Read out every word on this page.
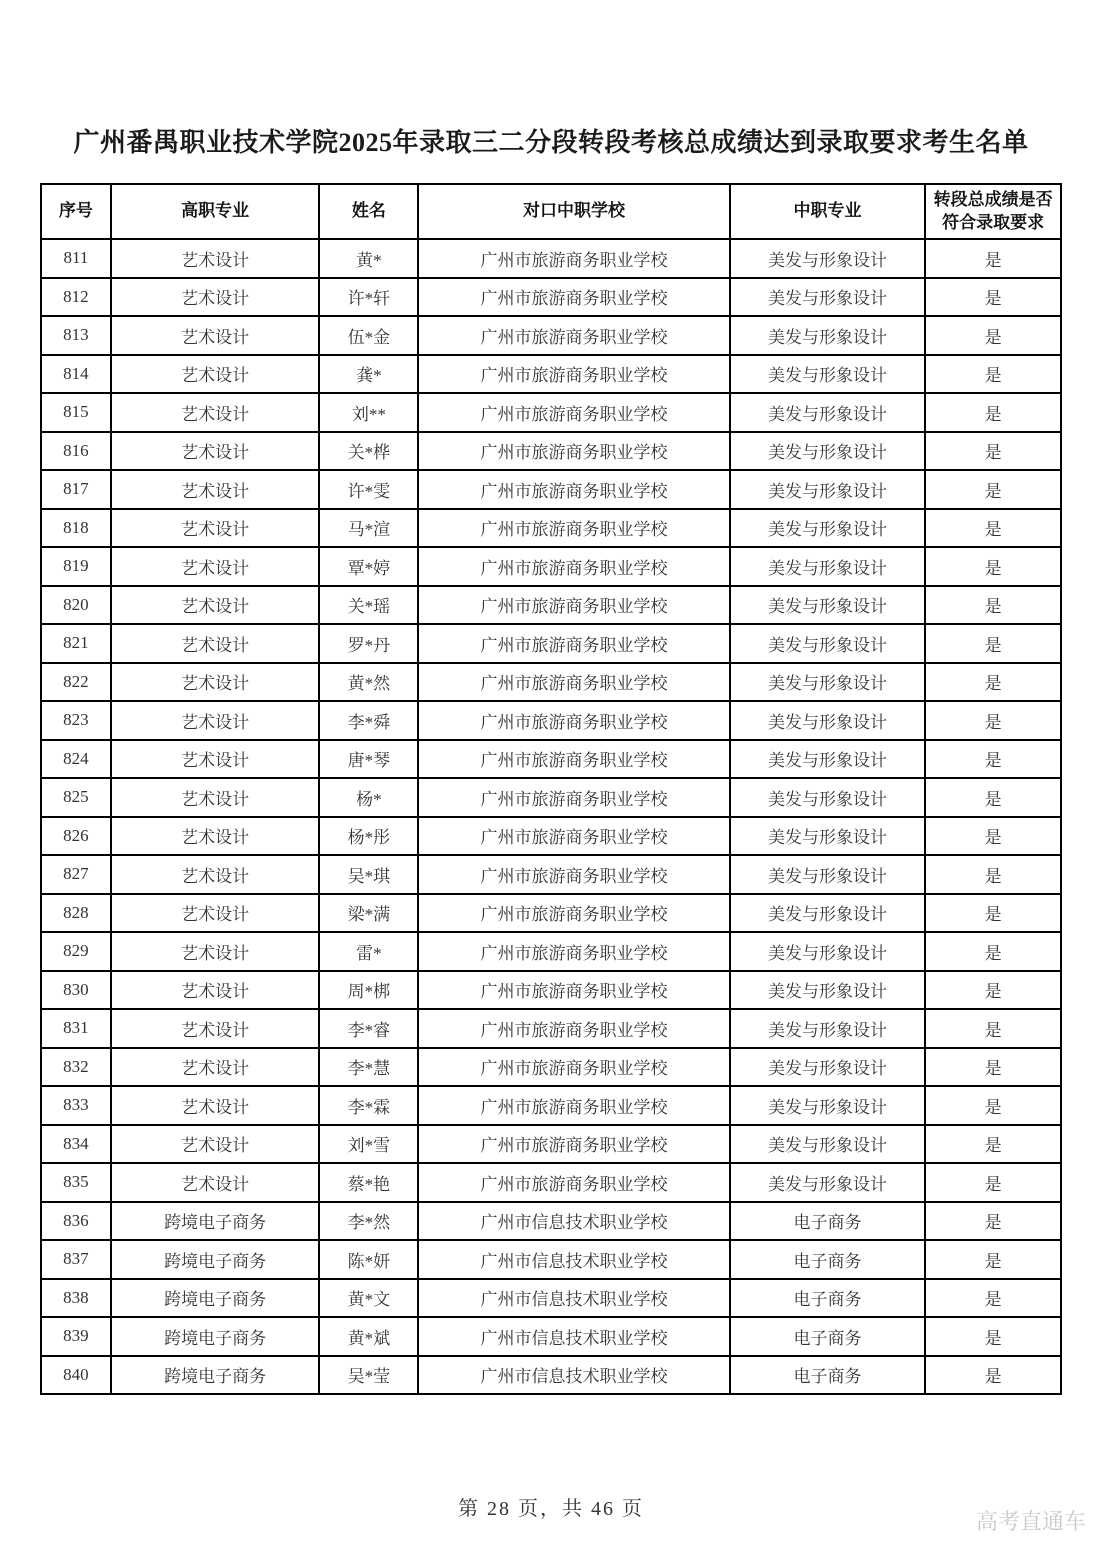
广州番禺职业技术学院2025年录取三二分段转段考核总成绩达到录取要求考生名单
序号	高职专业	姓名	对口中职学校	中职专业	转段总成绩是否符合录取要求
811	艺术设计	黄*	广州市旅游商务职业学校	美发与形象设计	是
812	艺术设计	许*轩	广州市旅游商务职业学校	美发与形象设计	是
813	艺术设计	伍*金	广州市旅游商务职业学校	美发与形象设计	是
814	艺术设计	龚*	广州市旅游商务职业学校	美发与形象设计	是
815	艺术设计	刘**	广州市旅游商务职业学校	美发与形象设计	是
816	艺术设计	关*桦	广州市旅游商务职业学校	美发与形象设计	是
817	艺术设计	许*雯	广州市旅游商务职业学校	美发与形象设计	是
818	艺术设计	马*渲	广州市旅游商务职业学校	美发与形象设计	是
819	艺术设计	覃*婷	广州市旅游商务职业学校	美发与形象设计	是
820	艺术设计	关*瑶	广州市旅游商务职业学校	美发与形象设计	是
821	艺术设计	罗*丹	广州市旅游商务职业学校	美发与形象设计	是
822	艺术设计	黄*然	广州市旅游商务职业学校	美发与形象设计	是
823	艺术设计	李*舜	广州市旅游商务职业学校	美发与形象设计	是
824	艺术设计	唐*琴	广州市旅游商务职业学校	美发与形象设计	是
825	艺术设计	杨*	广州市旅游商务职业学校	美发与形象设计	是
826	艺术设计	杨*彤	广州市旅游商务职业学校	美发与形象设计	是
827	艺术设计	吴*琪	广州市旅游商务职业学校	美发与形象设计	是
828	艺术设计	梁*满	广州市旅游商务职业学校	美发与形象设计	是
829	艺术设计	雷*	广州市旅游商务职业学校	美发与形象设计	是
830	艺术设计	周*梆	广州市旅游商务职业学校	美发与形象设计	是
831	艺术设计	李*睿	广州市旅游商务职业学校	美发与形象设计	是
832	艺术设计	李*慧	广州市旅游商务职业学校	美发与形象设计	是
833	艺术设计	李*霖	广州市旅游商务职业学校	美发与形象设计	是
834	艺术设计	刘*雪	广州市旅游商务职业学校	美发与形象设计	是
835	艺术设计	蔡*艳	广州市旅游商务职业学校	美发与形象设计	是
836	跨境电子商务	李*然	广州市信息技术职业学校	电子商务	是
837	跨境电子商务	陈*妍	广州市信息技术职业学校	电子商务	是
838	跨境电子商务	黄*文	广州市信息技术职业学校	电子商务	是
839	跨境电子商务	黄*斌	广州市信息技术职业学校	电子商务	是
840	跨境电子商务	吴*莹	广州市信息技术职业学校	电子商务	是
第 28 页，共 46 页	高考直通车
